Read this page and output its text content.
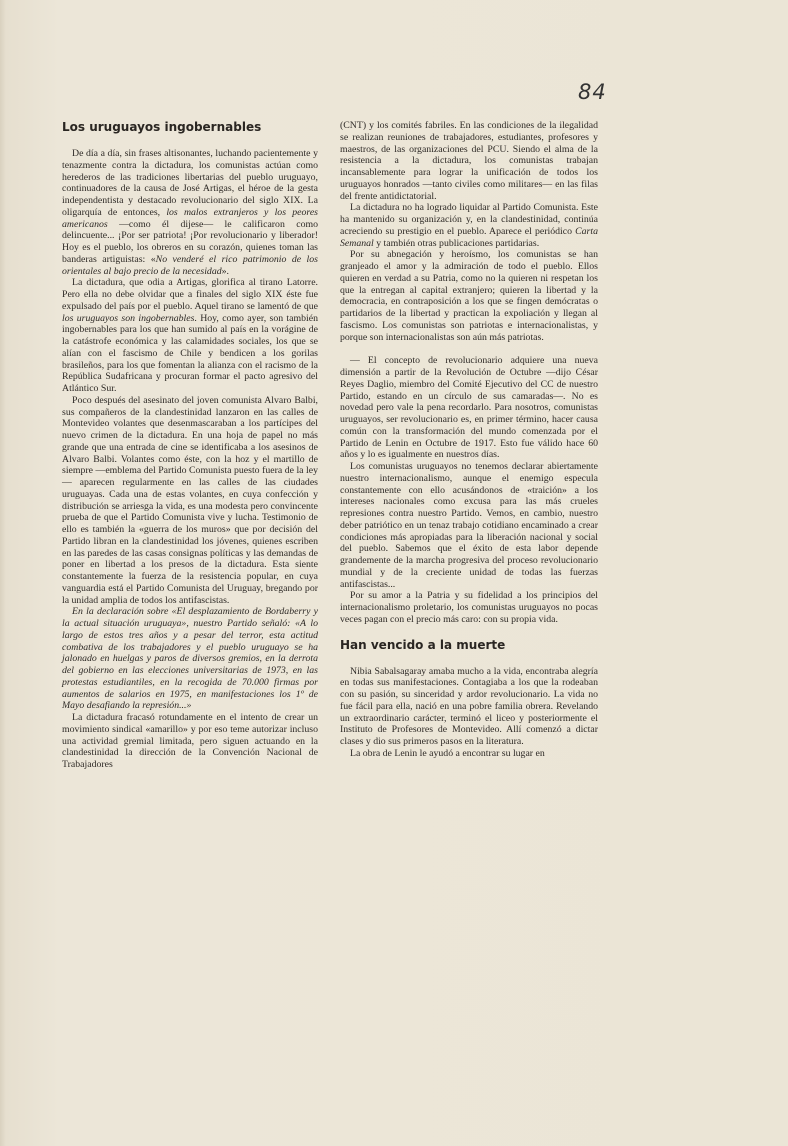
84
Los uruguayos ingobernables

De día a día, sin frases altisonantes, luchando pacientemente y tenazmente contra la dictadura, los comunistas actúan como herederos de las tradiciones libertarias del pueblo uruguayo, continuadores de la causa de José Artigas, el héroe de la gesta independentista y destacado revolucionario del siglo XIX. La oligarquía de entonces, los malos extranjeros y los peores americanos —como él dijese— le calificaron como delincuente... ¡Por ser patriota! ¡Por revolucionario y liberador! Hoy es el pueblo, los obreros en su corazón, quienes toman las banderas artiguistas: «No venderé el rico patrimonio de los orientales al bajo precio de la necesidad».

La dictadura, que odia a Artigas, glorifica al tirano Latorre. Pero ella no debe olvidar que a finales del siglo XIX éste fue expulsado del país por el pueblo. Aquel tirano se lamentó de que los uruguayos son ingobernables. Hoy, como ayer, son también ingobernables para los que han sumido al país en la vorágine de la catástrofe económica y las calamidades sociales, los que se alían con el fascismo de Chile y bendicen a los gorilas brasileños, para los que fomentan la alianza con el racismo de la República Sudafricana y procuran formar el pacto agresivo del Atlántico Sur.

Poco después del asesinato del joven comunista Alvaro Balbi, sus compañeros de la clandestinidad lanzaron en las calles de Montevideo volantes que desenmascaraban a los partícipes del nuevo crimen de la dictadura. En una hoja de papel no más grande que una entrada de cine se identificaba a los asesinos de Alvaro Balbi. Volantes como éste, con la hoz y el martillo de siempre —emblema del Partido Comunista puesto fuera de la ley— aparecen regularmente en las calles de las ciudades uruguayas. Cada una de estas volantes, en cuya confección y distribución se arriesga la vida, es una modesta pero convincente prueba de que el Partido Comunista vive y lucha. Testimonio de ello es también la «guerra de los muros» que por decisión del Partido libran en la clandestinidad los jóvenes, quienes escriben en las paredes de las casas consignas políticas y las demandas de poner en libertad a los presos de la dictadura. Esta siente constantemente la fuerza de la resistencia popular, en cuya vanguardia está el Partido Comunista del Uruguay, bregando por la unidad amplia de todos los antifascistas.

En la declaración sobre «El desplazamiento de Bordaberry y la actual situación uruguaya», nuestro Partido señaló: «A lo largo de estos tres años y a pesar del terror, esta actitud combativa de los trabajadores y el pueblo uruguayo se ha jalonado en huelgas y paros de diversos gremios, en la derrota del gobierno en las elecciones universitarias de 1973, en las protestas estudiantiles, en la recogida de 70.000 firmas por aumentos de salarios en 1975, en manifestaciones los 1º de Mayo desafiando la represión...»

La dictadura fracasó rotundamente en el intento de crear un movimiento sindical «amarillo» y por eso teme autorizar incluso una actividad gremial limitada, pero siguen actuando en la clandestinidad la dirección de la Convención Nacional de Trabajadores

(CNT) y los comités fabriles. En las condiciones de la ilegalidad se realizan reuniones de trabajadores, estudiantes, profesores y maestros, de las organizaciones del PCU. Siendo el alma de la resistencia a la dictadura, los comunistas trabajan incansablemente para lograr la unificación de todos los uruguayos honrados —tanto civiles como militares— en las filas del frente antidictatorial.

La dictadura no ha logrado liquidar al Partido Comunista. Este ha mantenido su organización y, en la clandestinidad, continúa acreciendo su prestigio en el pueblo. Aparece el periódico Carta Semanal y también otras publicaciones partidarias.

Por su abnegación y heroísmo, los comunistas se han granjeado el amor y la admiración de todo el pueblo. Ellos quieren en verdad a su Patria, como no la quieren ni respetan los que la entregan al capital extranjero; quieren la libertad y la democracia, en contraposición a los que se fingen demócratas o partidarios de la libertad y practican la expoliación y llegan al fascismo. Los comunistas son patriotas e internacionalistas, y porque son internacionalistas son aún más patriotas.

— El concepto de revolucionario adquiere una nueva dimensión a partir de la Revolución de Octubre —dijo César Reyes Daglio, miembro del Comité Ejecutivo del CC de nuestro Partido, estando en un círculo de sus camaradas—. No es novedad pero vale la pena recordarlo. Para nosotros, comunistas uruguayos, ser revolucionario es, en primer término, hacer causa común con la transformación del mundo comenzada por el Partido de Lenin en Octubre de 1917. Esto fue válido hace 60 años y lo es igualmente en nuestros días.

Los comunistas uruguayos no tenemos declarar abiertamente nuestro internacionalismo, aunque el enemigo especula constantemente con ello acusándonos de «traición» a los intereses nacionales como excusa para las más crueles represiones contra nuestro Partido. Vemos, en cambio, nuestro deber patriótico en un tenaz trabajo cotidiano encaminado a crear condiciones más apropiadas para la liberación nacional y social del pueblo. Sabemos que el éxito de esta labor depende grandemente de la marcha progresiva del proceso revolucionario mundial y de la creciente unidad de todas las fuerzas antifascistas...

Por su amor a la Patria y su fidelidad a los principios del internacionalismo proletario, los comunistas uruguayos no pocas veces pagan con el precio más caro: con su propia vida.

Han vencido a la muerte

Nibia Sabalsagaray amaba mucho a la vida, encontraba alegría en todas sus manifestaciones. Contagiaba a los que la rodeaban con su pasión, su sinceridad y ardor revolucionario. La vida no fue fácil para ella, nació en una pobre familia obrera. Revelando un extraordinario carácter, terminó el liceo y posteriormente el Instituto de Profesores de Montevideo. Allí comenzó a dictar clases y dio sus primeros pasos en la literatura.

La obra de Lenin le ayudó a encontrar su lugar en
